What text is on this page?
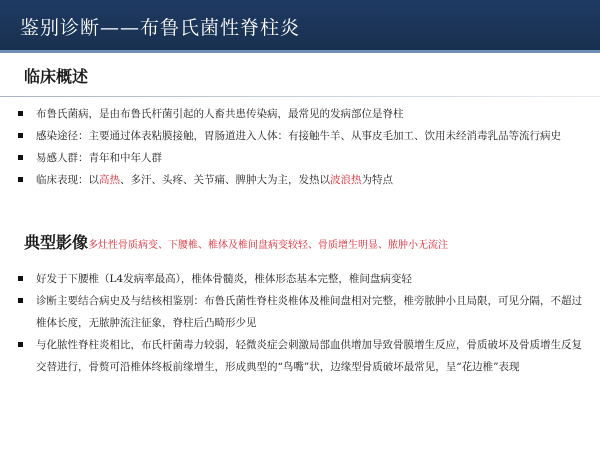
鉴别诊断——布鲁氏菌性脊柱炎
临床概述
布鲁氏菌病，是由布鲁氏杆菌引起的人畜共患传染病，最常见的发病部位是脊柱
感染途径：主要通过体表粘膜接触，胃肠道进入人体：有接触牛羊、从事皮毛加工、饮用未经消毒乳品等流行病史
易感人群：青年和中年人群
临床表现：以高热、多汗、头疼、关节痛、脾肿大为主，发热以波浪热为特点
典型影像多灶性骨质病变、下腰椎、椎体及椎间盘病变较轻、骨质增生明显、脓肿小无流注
好发于下腰椎（L4发病率最高），椎体骨髓炎，椎体形态基本完整，椎间盘病变轻
诊断主要结合病史及与结核相鉴别：布鲁氏菌性脊柱炎椎体及椎间盘相对完整，椎旁脓肿小且局限，可见分隔，不超过椎体长度，无脓肿流注征象，脊柱后凸畸形少见
与化脓性脊柱炎相比，布氏杆菌毒力较弱，轻微炎症会刺激局部血供增加导致骨膜增生反应，骨质破坏及骨质增生反复交替进行，骨赘可沿椎体终板前缘增生，形成典型的“鸟嘴”状，边缘型骨质破坏最常见，呈“花边椎”表现
